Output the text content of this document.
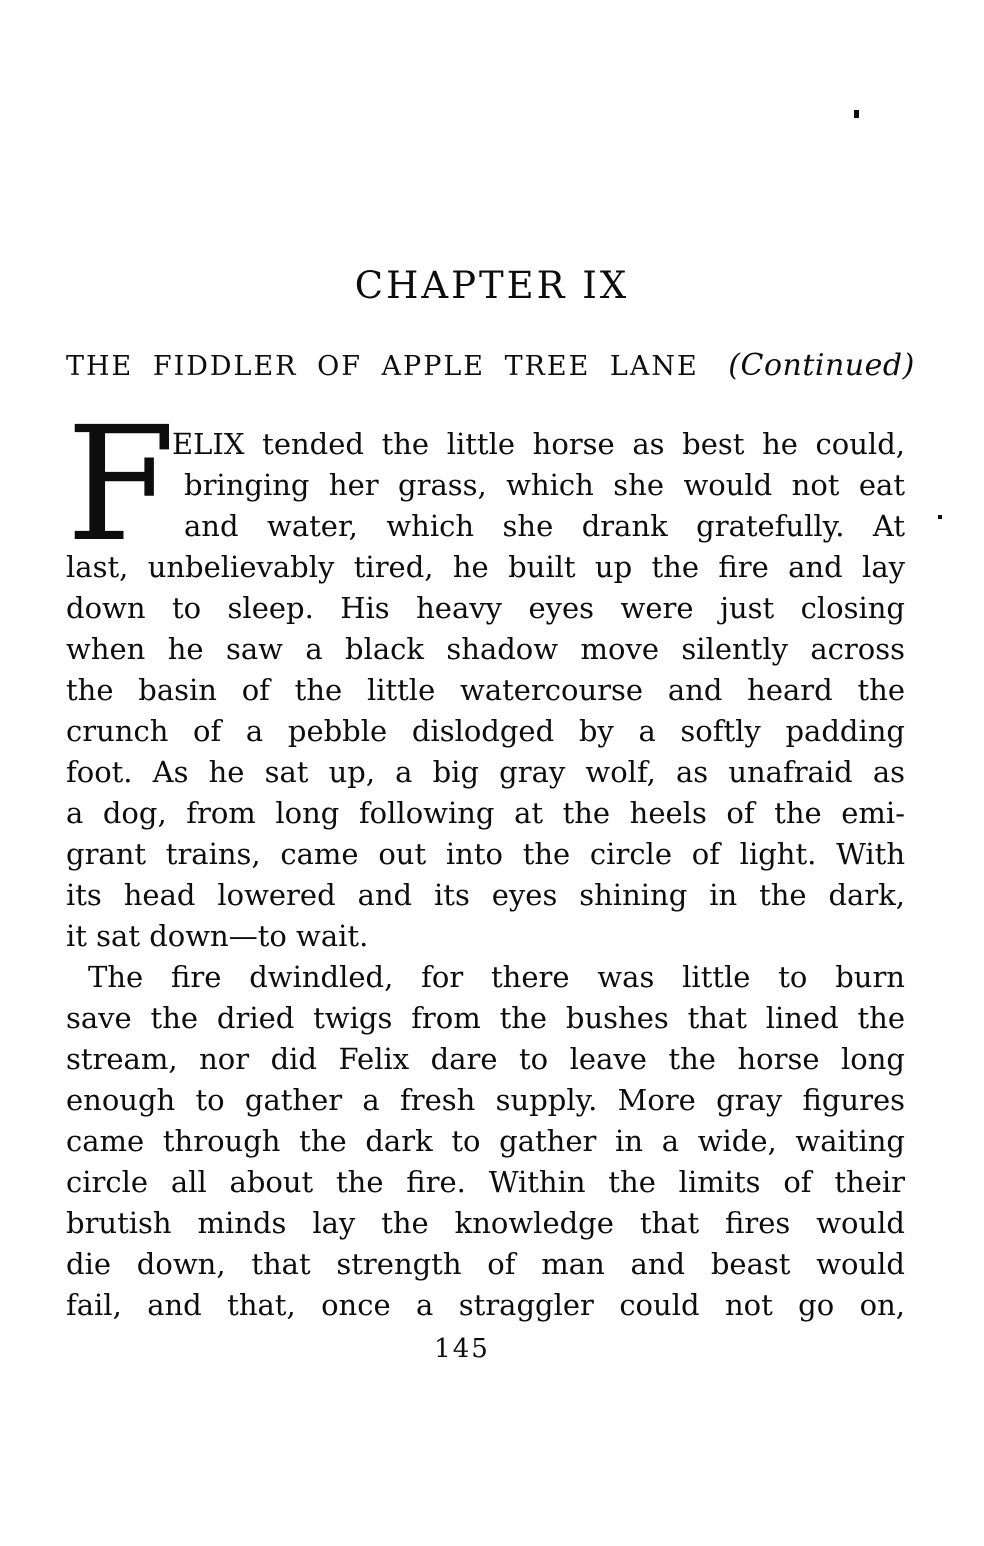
CHAPTER IX
THE FIDDLER OF APPLE TREE LANE (Continued)
F
ELIX tended the little horse as best he could,
bringing her grass, which she would not eat
and water, which she drank gratefully. At
last, unbelievably tired, he built up the fire and lay
down to sleep. His heavy eyes were just closing
when he saw a black shadow move silently across
the basin of the little watercourse and heard the
crunch of a pebble dislodged by a softly padding
foot. As he sat up, a big gray wolf, as unafraid as
a dog, from long following at the heels of the emi-
grant trains, came out into the circle of light. With
its head lowered and its eyes shining in the dark,
it sat down—to wait.
The fire dwindled, for there was little to burn
save the dried twigs from the bushes that lined the
stream, nor did Felix dare to leave the horse long
enough to gather a fresh supply. More gray figures
came through the dark to gather in a wide, waiting
circle all about the fire. Within the limits of their
brutish minds lay the knowledge that fires would
die down, that strength of man and beast would
fail, and that, once a straggler could not go on,
145
